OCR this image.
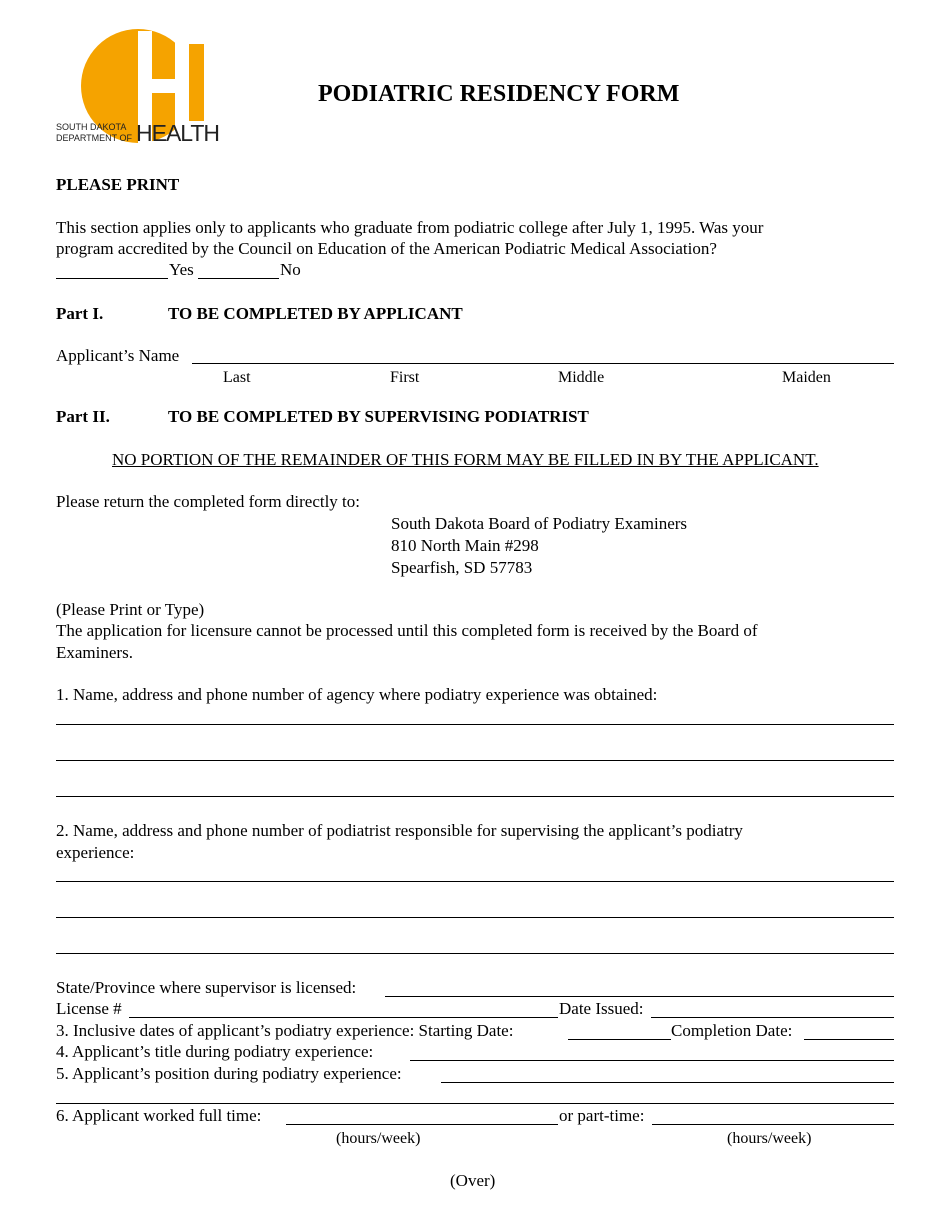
SOUTH DAKOTA
DEPARTMENT OF HEALTH
PODIATRIC RESIDENCY FORM
PLEASE PRINT
This section applies only to applicants who graduate from podiatric college after July 1, 1995. Was your
program accredited by the Council on Education of the American Podiatric Medical Association?
Yes	No
Part I.	TO BE COMPLETED BY APPLICANT
Applicant’s Name
Last	First	Middle	Maiden
Part II.	TO BE COMPLETED BY SUPERVISING PODIATRIST
NO PORTION OF THE REMAINDER OF THIS FORM MAY BE FILLED IN BY THE APPLICANT.
Please return the completed form directly to:
South Dakota Board of Podiatry Examiners
810 North Main #298
Spearfish, SD 57783
(Please Print or Type)
The application for licensure cannot be processed until this completed form is received by the Board of
Examiners.
1. Name, address and phone number of agency where podiatry experience was obtained:
2. Name, address and phone number of podiatrist responsible for supervising the applicant’s podiatry
experience:
State/Province where supervisor is licensed:
License #	Date Issued:
3. Inclusive dates of applicant’s podiatry experience: Starting Date:	Completion Date:
4. Applicant’s title during podiatry experience:
5. Applicant’s position during podiatry experience:
6. Applicant worked full time:	or part-time:
(hours/week)	(hours/week)
(Over)
